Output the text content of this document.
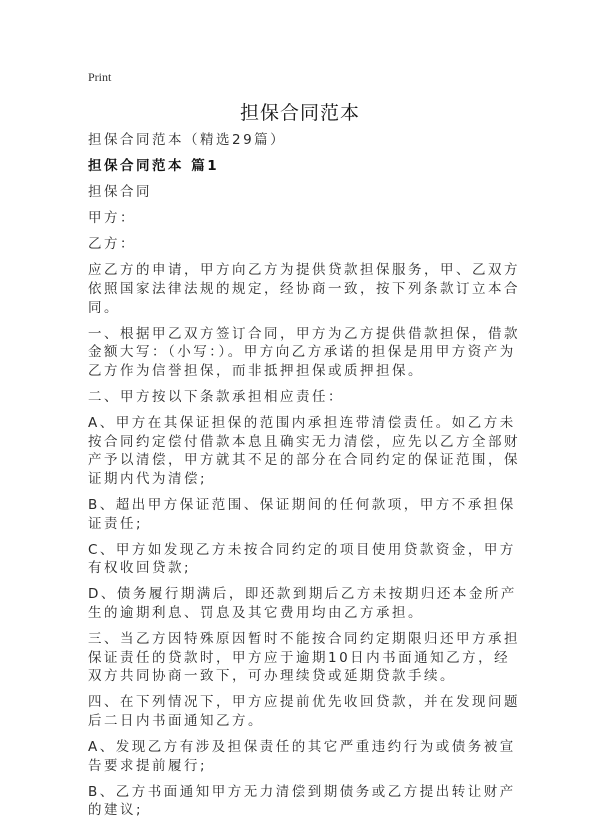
Print
担保合同范本

担保合同范本（精选29篇）

担保合同范本 篇1

担保合同

甲方：

乙方：

应乙方的申请，甲方向乙方为提供贷款担保服务，甲、乙双方依照国家法律法规的规定，经协商一致，按下列条款订立本合同。

一、根据甲乙双方签订合同，甲方为乙方提供借款担保，借款金额大写：（小写：）。甲方向乙方承诺的担保是用甲方资产为乙方作为信誉担保，而非抵押担保或质押担保。

二、甲方按以下条款承担相应责任：

A、甲方在其保证担保的范围内承担连带清偿责任。如乙方未按合同约定偿付借款本息且确实无力清偿，应先以乙方全部财产予以清偿，甲方就其不足的部分在合同约定的保证范围，保证期内代为清偿;

B、超出甲方保证范围、保证期间的任何款项，甲方不承担保证责任;

C、甲方如发现乙方未按合同约定的项目使用贷款资金，甲方有权收回贷款;

D、债务履行期满后，即还款到期后乙方未按期归还本金所产生的逾期利息、罚息及其它费用均由乙方承担。

三、当乙方因特殊原因暂时不能按合同约定期限归还甲方承担保证责任的贷款时，甲方应于逾期10日内书面通知乙方，经双方共同协商一致下，可办理续贷或延期贷款手续。

四、在下列情况下，甲方应提前优先收回贷款，并在发现问题后二日内书面通知乙方。

A、发现乙方有涉及担保责任的其它严重违约行为或债务被宣告要求提前履行;

B、乙方书面通知甲方无力清偿到期债务或乙方提出转让财产的建议;
